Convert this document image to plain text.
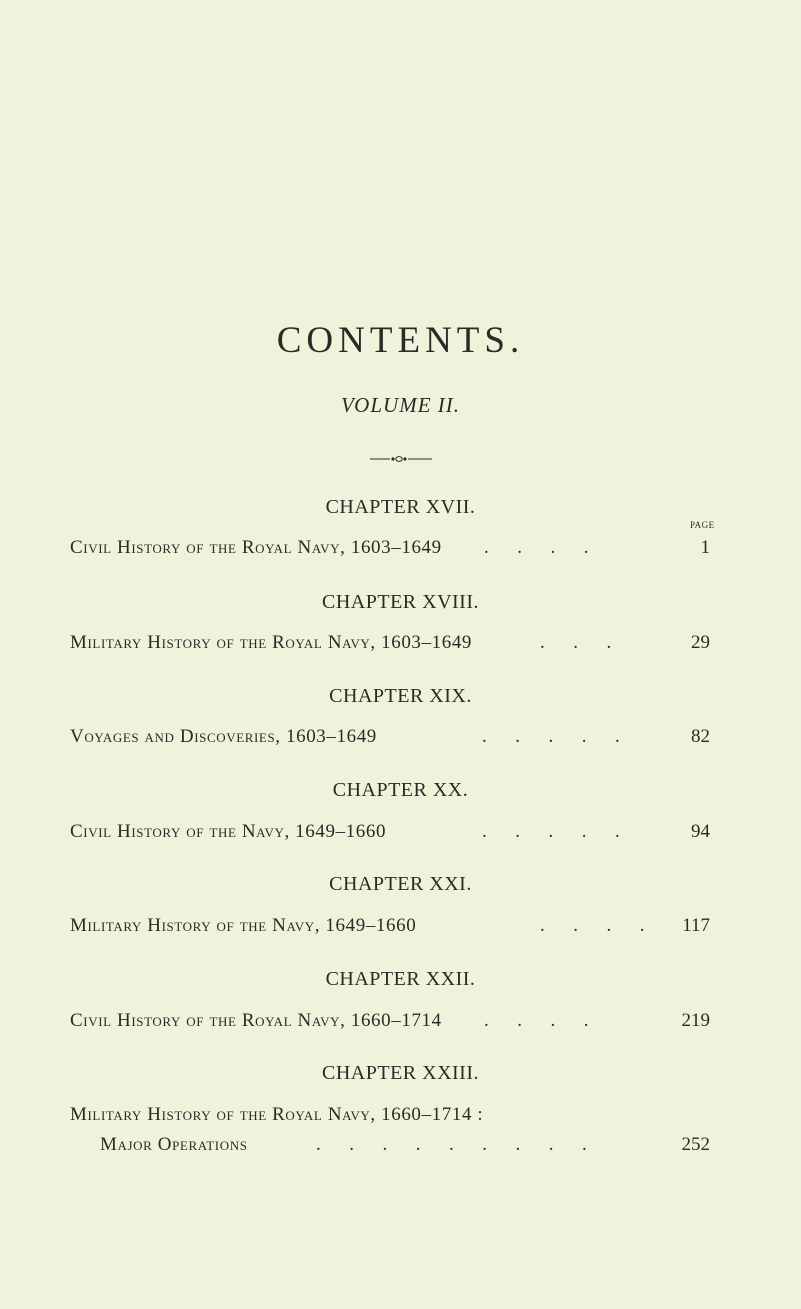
CONTENTS.
VOLUME II.
PAGE
CHAPTER XVII.
Civil History of the Royal Navy, 1603–1649 .      .      .      .	1
CHAPTER XVIII.
Military History of the Royal Navy, 1603–1649	.      .      .	29
CHAPTER XIX.
Voyages and Discoveries, 1603–1649	.      .      .      .      .	82
CHAPTER XX.
Civil History of the Navy, 1649–1660	.      .      .      .      .	94
CHAPTER XXI.
Military History of the Navy, 1649–1660	.      .      .      . 117
CHAPTER XXII.
Civil History of the Royal Navy, 1660–1714 .      .      .      .	219
CHAPTER XXIII.
Military History of the Royal Navy, 1660–1714 :
Major Operations	.      .      .      .      .      .      .      .      .	252
